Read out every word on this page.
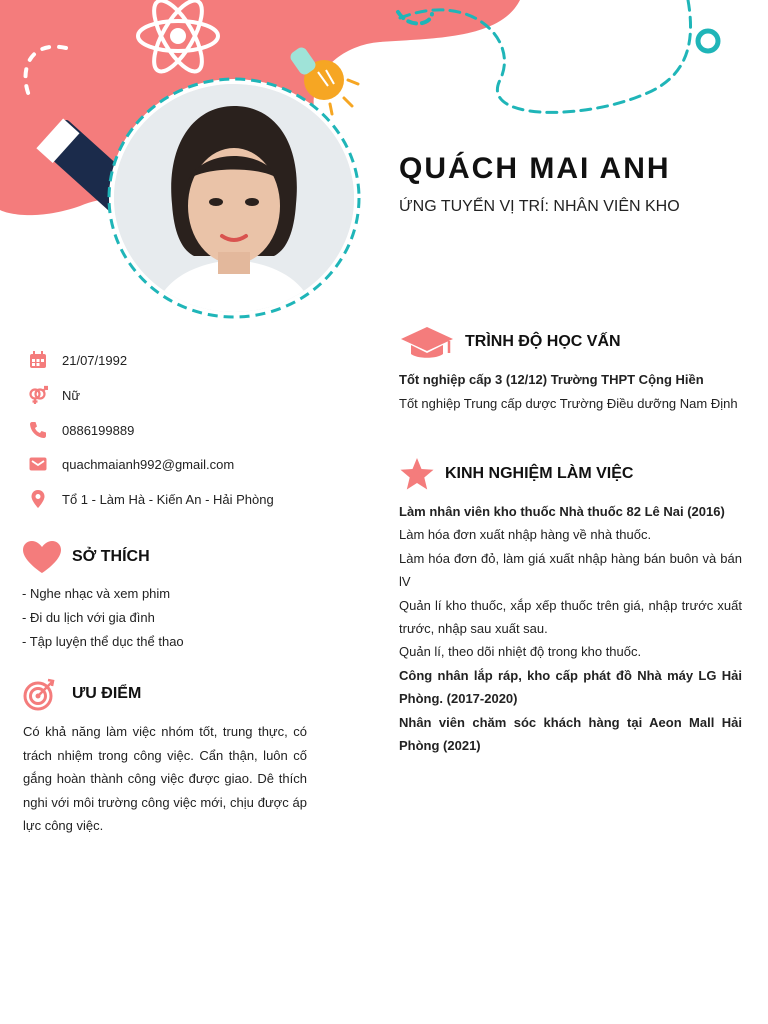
QUÁCH MAI ANH
ỨNG TUYỂN VỊ TRÍ: NHÂN VIÊN KHO
21/07/1992
Nữ
0886199889
quachmaianh992@gmail.com
Tổ 1 - Làm Hà - Kiến An - Hải Phòng
SỞ THÍCH
- Nghe nhạc và xem phim
- Đi du lịch với gia đình
- Tập luyện thể dục thể thao
ƯU ĐIỂM

Có khả năng làm việc nhóm tốt, trung thực, có trách nhiệm trong công việc. Cẩn thận, luôn cố gắng hoàn thành công việc được giao. Dê thích nghi với môi trường công việc mới, chịu được áp lực công việc.

TRÌNH ĐỘ HỌC VẤN
Tốt nghiệp cấp 3 (12/12) Trường THPT Cộng Hiền
Tốt nghiệp Trung cấp dược Trường Điều dưỡng Nam Định
KINH NGHIỆM LÀM VIỆC

Làm nhân viên kho thuốc Nhà thuốc 82 Lê Nai (2016)

Làm hóa đơn xuất nhập hàng về nhà thuốc.

Làm hóa đơn đỏ, làm giá xuất nhập hàng bán buôn và bán lV

Quản lí kho thuốc, xắp xếp thuốc trên giá, nhập trước xuất trước, nhập sau xuất sau.

Quản lí, theo dõi nhiệt độ trong kho thuốc.

Công nhân lắp ráp, kho cấp phát đồ Nhà máy LG Hải Phòng. (2017-2020)

Nhân viên chăm sóc khách hàng tại Aeon Mall Hải Phòng (2021)
